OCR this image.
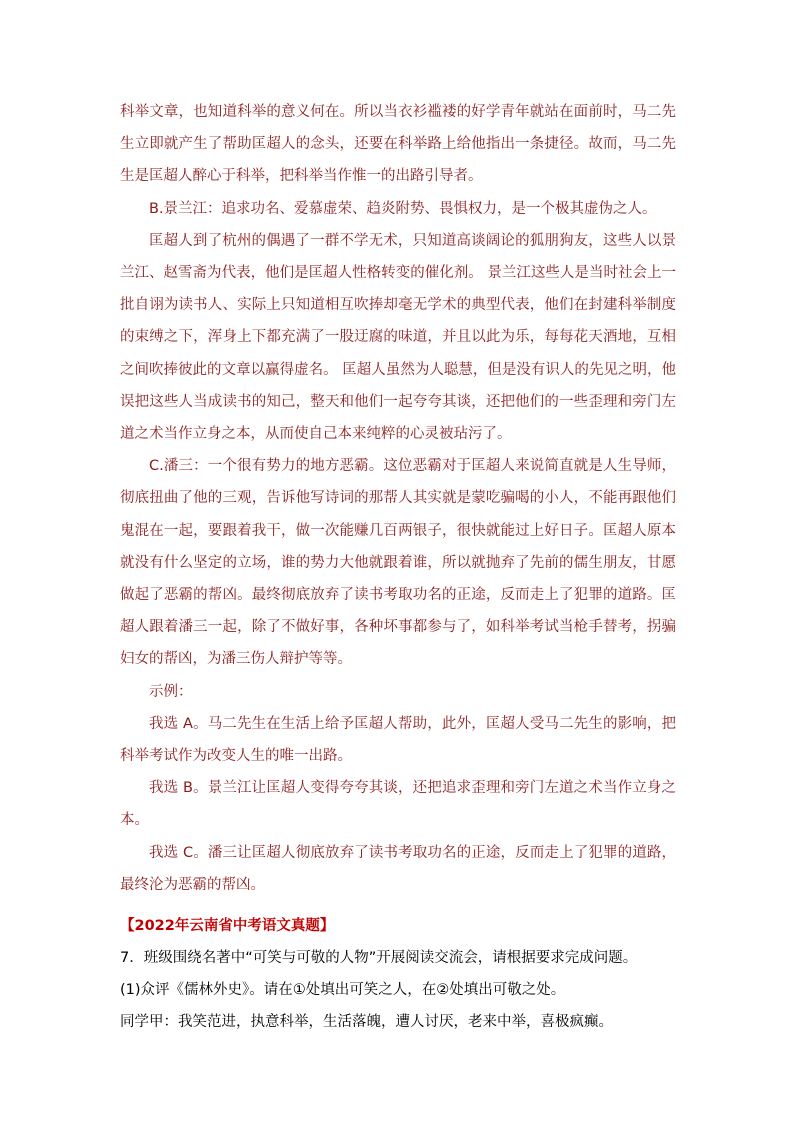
科举文章，也知道科举的意义何在。所以当衣衫褴褛的好学青年就站在面前时，马二先生立即就产生了帮助匡超人的念头，还要在科举路上给他指出一条捷径。故而，马二先生是匡超人醉心于科举，把科举当作惟一的出路引导者。

B.景兰江：追求功名、爱慕虚荣、趋炎附势、畏惧权力，是一个极其虚伪之人。

匡超人到了杭州的偶遇了一群不学无术，只知道高谈阔论的狐朋狗友，这些人以景兰江、赵雪斋为代表，他们是匡超人性格转变的催化剂。 景兰江这些人是当时社会上一批自诩为读书人、实际上只知道相互吹捧却毫无学术的典型代表，他们在封建科举制度的束缚之下，浑身上下都充满了一股迂腐的味道，并且以此为乐，每每花天酒地，互相之间吹捧彼此的文章以赢得虚名。 匡超人虽然为人聪慧，但是没有识人的先见之明，他误把这些人当成读书的知己，整天和他们一起夸夸其谈，还把他们的一些歪理和旁门左道之术当作立身之本，从而使自己本来纯粹的心灵被玷污了。

C.潘三：一个很有势力的地方恶霸。这位恶霸对于匡超人来说简直就是人生导师，彻底扭曲了他的三观，告诉他写诗词的那帮人其实就是蒙吃骗喝的小人，不能再跟他们鬼混在一起，要跟着我干，做一次能赚几百两银子，很快就能过上好日子。匡超人原本就没有什么坚定的立场，谁的势力大他就跟着谁，所以就抛弃了先前的儒生朋友，甘愿做起了恶霸的帮凶。最终彻底放弃了读书考取功名的正途，反而走上了犯罪的道路。匡超人跟着潘三一起，除了不做好事，各种坏事都参与了，如科举考试当枪手替考，拐骗妇女的帮凶，为潘三伤人辩护等等。

示例：

我选 A。马二先生在生活上给予匡超人帮助，此外，匡超人受马二先生的影响，把科举考试作为改变人生的唯一出路。

我选 B。景兰江让匡超人变得夸夸其谈，还把追求歪理和旁门左道之术当作立身之本。

我选 C。潘三让匡超人彻底放弃了读书考取功名的正途，反而走上了犯罪的道路，最终沦为恶霸的帮凶。

【2022年云南省中考语文真题】

7．班级围绕名著中“可笑与可敬的人物”开展阅读交流会，请根据要求完成问题。

(1)众评《儒林外史》。请在①处填出可笑之人，在②处填出可敬之处。

同学甲：我笑范进，执意科举，生活落魄，遭人讨厌，老来中举，喜极疯癫。
